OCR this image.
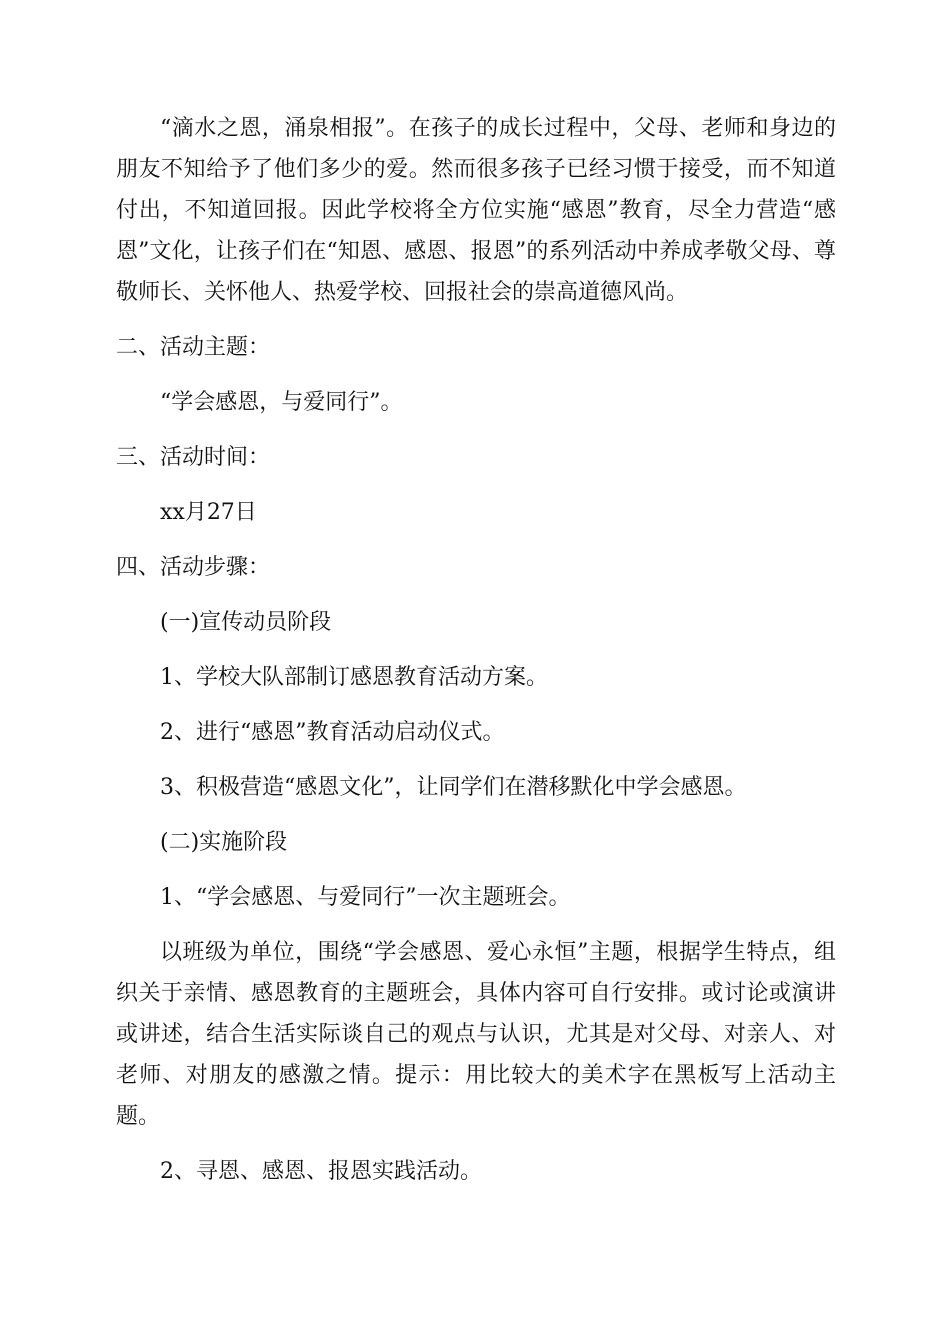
“滴水之恩，涌泉相报”。在孩子的成长过程中，父母、老师和身边的朋友不知给予了他们多少的爱。然而很多孩子已经习惯于接受，而不知道付出，不知道回报。因此学校将全方位实施“感恩”教育，尽全力营造“感恩”文化，让孩子们在“知恩、感恩、报恩”的系列活动中养成孝敬父母、尊敬师长、关怀他人、热爱学校、回报社会的崇高道德风尚。

二、活动主题：

“学会感恩，与爱同行”。

三、活动时间：

xx月27日

四、活动步骤：

(一)宣传动员阶段

1、学校大队部制订感恩教育活动方案。

2、进行“感恩”教育活动启动仪式。

3、积极营造“感恩文化”，让同学们在潜移默化中学会感恩。

(二)实施阶段

1、“学会感恩、与爱同行”一次主题班会。

以班级为单位，围绕“学会感恩、爱心永恒”主题，根据学生特点，组织关于亲情、感恩教育的主题班会，具体内容可自行安排。或讨论或演讲或讲述，结合生活实际谈自己的观点与认识，尤其是对父母、对亲人、对老师、对朋友的感激之情。提示：用比较大的美术字在黑板写上活动主题。

2、寻恩、感恩、报恩实践活动。
